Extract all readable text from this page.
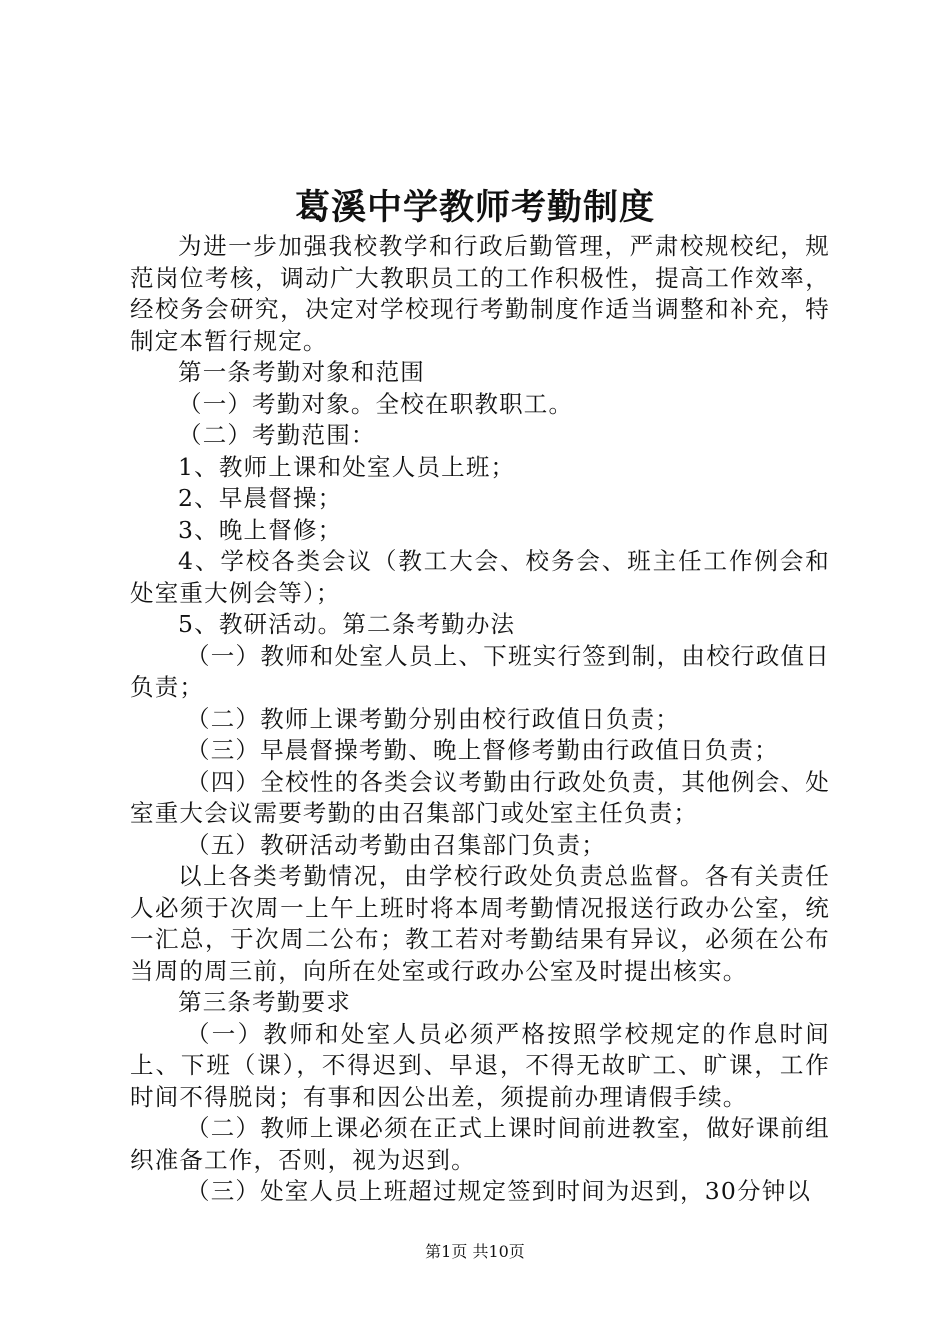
葛溪中学教师考勤制度

为进一步加强我校教学和行政后勤管理，严肃校规校纪，规范岗位考核，调动广大教职员工的工作积极性，提高工作效率，经校务会研究，决定对学校现行考勤制度作适当调整和补充，特制定本暂行规定。

第一条考勤对象和范围

（一）考勤对象。全校在职教职工。

（二）考勤范围：

1、教师上课和处室人员上班；

2、早晨督操；

3、晚上督修；

4、学校各类会议（教工大会、校务会、班主任工作例会和处室重大例会等）；

5、教研活动。第二条考勤办法

（一）教师和处室人员上、下班实行签到制，由校行政值日负责；

（二）教师上课考勤分别由校行政值日负责；

（三）早晨督操考勤、晚上督修考勤由行政值日负责；

（四）全校性的各类会议考勤由行政处负责，其他例会、处室重大会议需要考勤的由召集部门或处室主任负责；

（五）教研活动考勤由召集部门负责；

以上各类考勤情况，由学校行政处负责总监督。各有关责任人必须于次周一上午上班时将本周考勤情况报送行政办公室，统一汇总，于次周二公布；教工若对考勤结果有异议，必须在公布当周的周三前，向所在处室或行政办公室及时提出核实。

第三条考勤要求

（一）教师和处室人员必须严格按照学校规定的作息时间上、下班（课），不得迟到、早退，不得无故旷工、旷课，工作时间不得脱岗；有事和因公出差，须提前办理请假手续。

（二）教师上课必须在正式上课时间前进教室，做好课前组织准备工作，否则，视为迟到。

（三）处室人员上班超过规定签到时间为迟到，30分钟以

第1页 共10页
